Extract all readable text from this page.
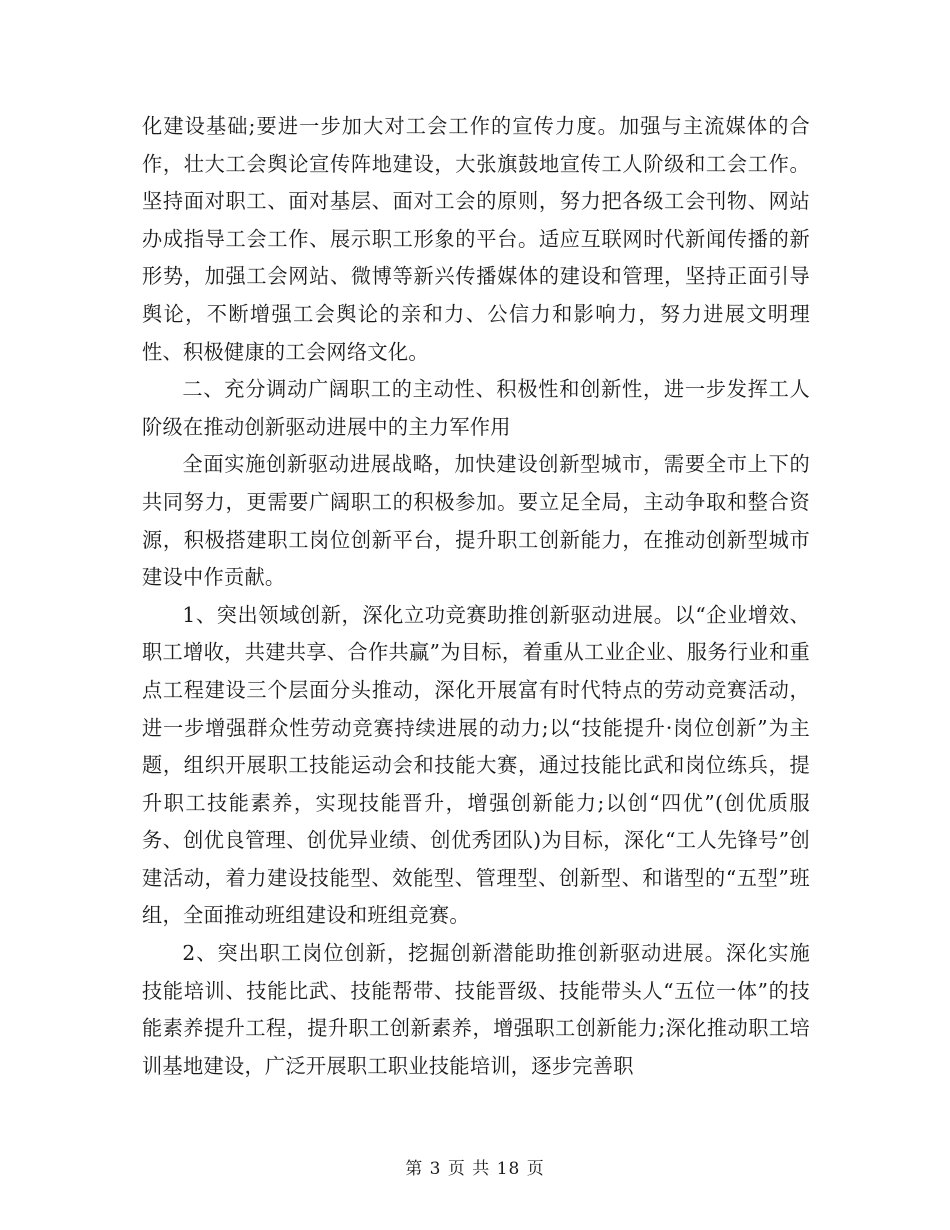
化建设基础;要进一步加大对工会工作的宣传力度。加强与主流媒体的合作，壮大工会舆论宣传阵地建设，大张旗鼓地宣传工人阶级和工会工作。坚持面对职工、面对基层、面对工会的原则，努力把各级工会刊物、网站办成指导工会工作、展示职工形象的平台。适应互联网时代新闻传播的新形势，加强工会网站、微博等新兴传播媒体的建设和管理，坚持正面引导舆论，不断增强工会舆论的亲和力、公信力和影响力，努力进展文明理性、积极健康的工会网络文化。

二、充分调动广阔职工的主动性、积极性和创新性，进一步发挥工人阶级在推动创新驱动进展中的主力军作用

全面实施创新驱动进展战略，加快建设创新型城市，需要全市上下的共同努力，更需要广阔职工的积极参加。要立足全局，主动争取和整合资源，积极搭建职工岗位创新平台，提升职工创新能力，在推动创新型城市建设中作贡献。

1、突出领域创新，深化立功竞赛助推创新驱动进展。以“企业增效、职工增收，共建共享、合作共赢”为目标，着重从工业企业、服务行业和重点工程建设三个层面分头推动，深化开展富有时代特点的劳动竞赛活动，进一步增强群众性劳动竞赛持续进展的动力;以“技能提升·岗位创新”为主题，组织开展职工技能运动会和技能大赛，通过技能比武和岗位练兵，提升职工技能素养，实现技能晋升，增强创新能力;以创“四优”(创优质服务、创优良管理、创优异业绩、创优秀团队)为目标，深化“工人先锋号”创建活动，着力建设技能型、效能型、管理型、创新型、和谐型的“五型”班组，全面推动班组建设和班组竞赛。

2、突出职工岗位创新，挖掘创新潜能助推创新驱动进展。深化实施技能培训、技能比武、技能帮带、技能晋级、技能带头人“五位一体”的技能素养提升工程，提升职工创新素养，增强职工创新能力;深化推动职工培训基地建设，广泛开展职工职业技能培训，逐步完善职

第 3 页 共 18 页
